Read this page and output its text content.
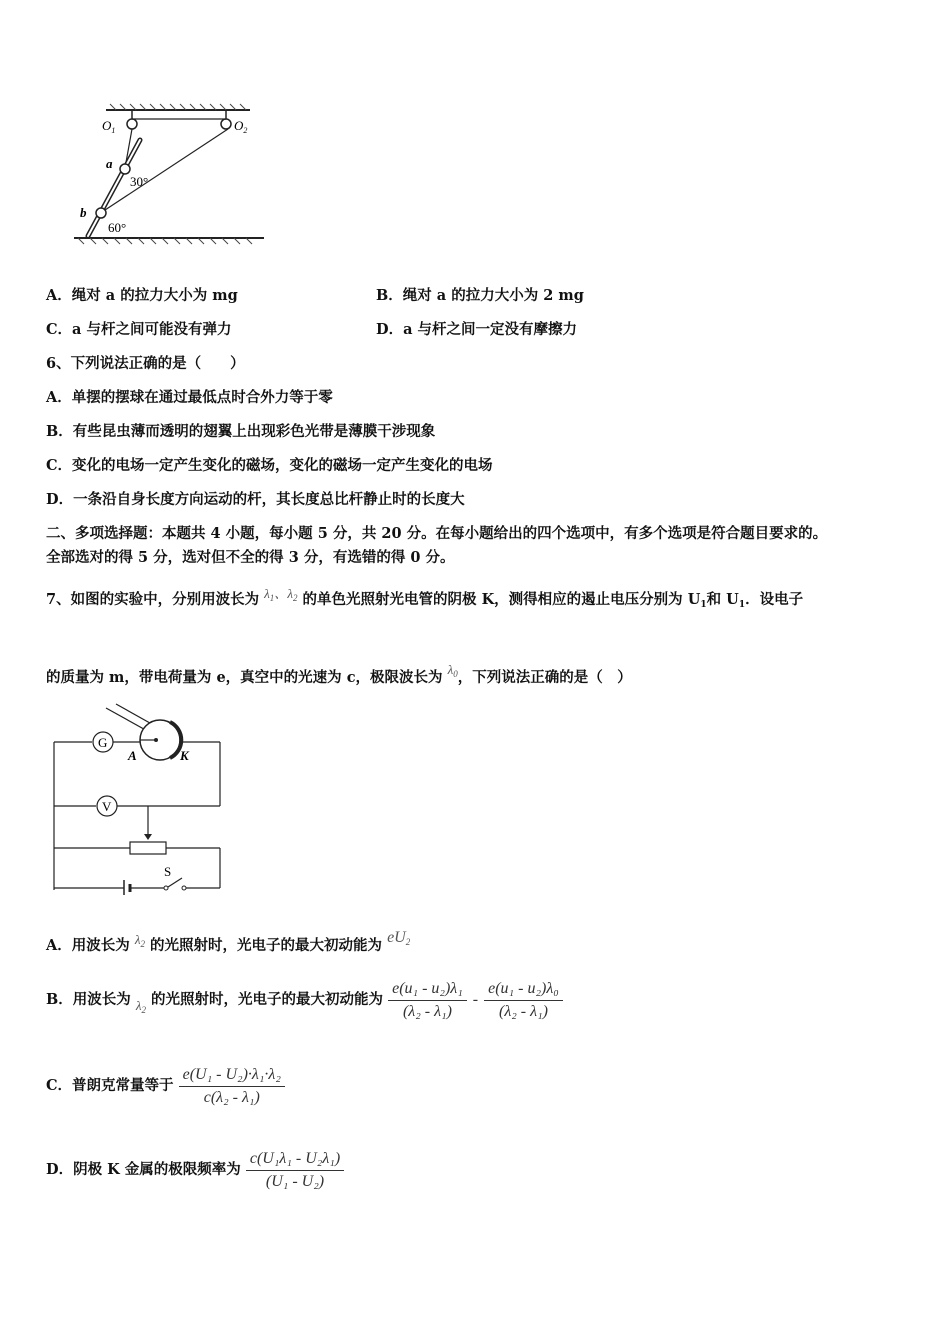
$O_1$	$O_2$
a
b
30°
60°
A．绳对 a 的拉力大小为 mg	B．绳对 a 的拉力大小为 2 mg
C．a 与杆之间可能没有弹力	D．a 与杆之间一定没有摩擦力
6、下列说法正确的是（　　）
A．单摆的摆球在通过最低点时合外力等于零
B．有些昆虫薄而透明的翅翼上出现彩色光带是薄膜干涉现象
C．变化的电场一定产生变化的磁场，变化的磁场一定产生变化的电场
D．一条沿自身长度方向运动的杆，其长度总比杆静止时的长度大
二、多项选择题：本题共 4 小题，每小题 5 分，共 20 分。在每小题给出的四个选项中，有多个选项是符合题目要求的。
全部选对的得 5 分，选对但不全的得 3 分，有选错的得 0 分。
7、如图的实验中，分别用波长为 $\lambda_1$、$\lambda_2$ 的单色光照射光电管的阴极 K，测得相应的遏止电压分别为 $U_1$和 $U_1$．设电子
的质量为 m，带电荷量为 e，真空中的光速为 c，极限波长为 $\lambda_0$，下列说法正确的是（　）
G
A	K
V
S
A．用波长为 $\lambda_2$ 的光照射时，光电子的最大初动能为 $eU_2$
B．用波长为 $\lambda_2$ 的光照射时，光电子的最大初动能为 $\frac{\text{e(u₁ - u₂)λ₁}}{\text{(λ₂ - λ₁)}} - \frac{\text{e(u₁ - u₂)λ₀}}{\text{(λ₂ - λ₁)}}$
C．普朗克常量等于 $\frac{\text{e(U₁ - U₂)·λ₁·λ₂}}{\text{c(λ₂ - λ₁)}}$
D．阴极 K 金属的极限频率为 $\frac{\text{c(U₁λ₁ - U₂λ₁)}}{\text{(U₁ - U₂)}}$
